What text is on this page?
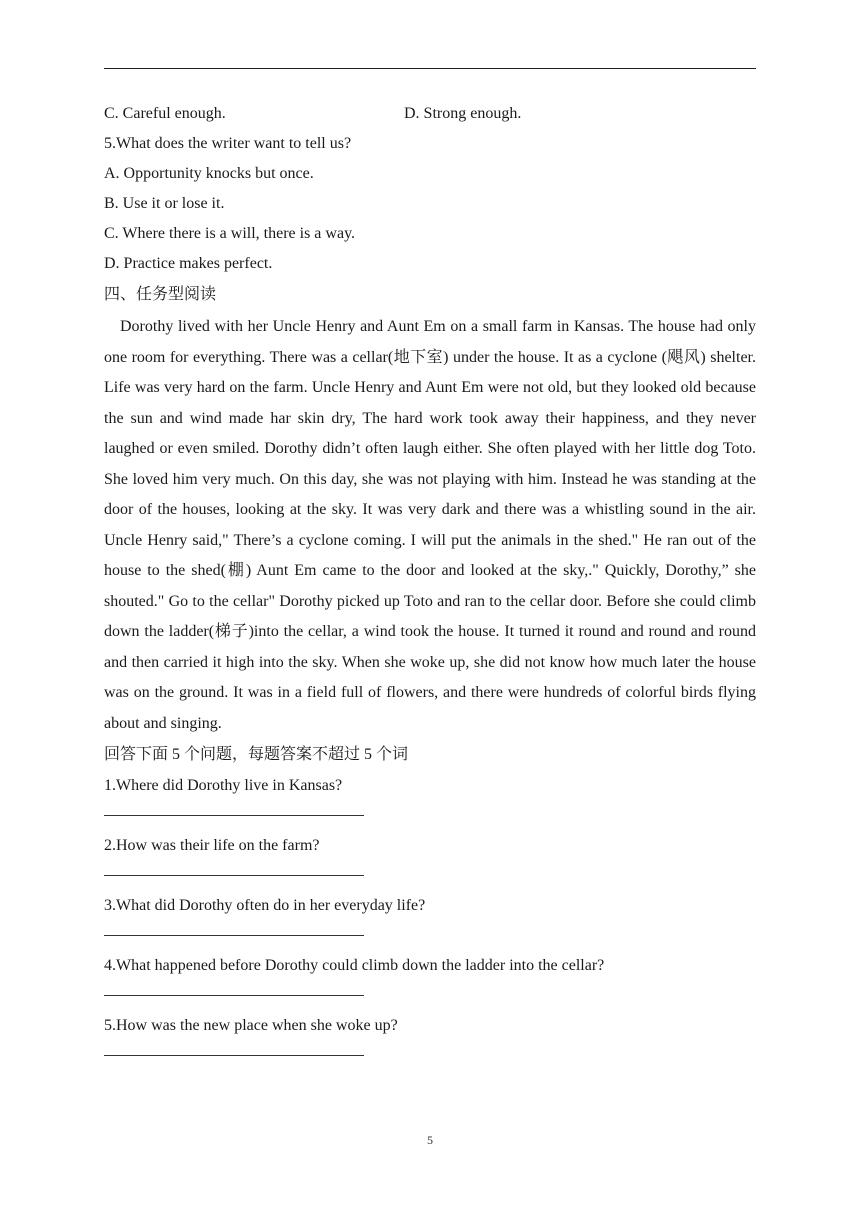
C. Careful enough.	D. Strong enough.
5.What does the writer want to tell us?
A. Opportunity knocks but once.
B. Use it or lose it.
C. Where there is a will, there is a way.
D. Practice makes perfect.
四、任务型阅读

Dorothy lived with her Uncle Henry and Aunt Em on a small farm in Kansas. The house had only one room for everything. There was a cellar(地下室) under the house. It as a cyclone (飓风) shelter. Life was very hard on the farm. Uncle Henry and Aunt Em were not old, but they looked old because the sun and wind made har skin dry, The hard work took away their happiness, and they never laughed or even smiled. Dorothy didn’t often laugh either. She often played with her little dog Toto. She loved him very much. On this day, she was not playing with him. Instead he was standing at the door of the houses, looking at the sky. It was very dark and there was a whistling sound in the air. Uncle Henry said," There’s a cyclone coming. I will put the animals in the shed." He ran out of the house to the shed(棚) Aunt Em came to the door and looked at the sky,." Quickly, Dorothy,” she shouted." Go to the cellar" Dorothy picked up Toto and ran to the cellar door. Before she could climb down the ladder(梯子)into the cellar, a wind took the house. It turned it round and round and round and then carried it high into the sky. When she woke up, she did not know how much later the house was on the ground. It was in a field full of flowers, and there were hundreds of colorful birds flying about and singing.

回答下面 5 个问题，每题答案不超过 5 个词
1.Where did Dorothy live in Kansas?
2.How was their life on the farm?
3.What did Dorothy often do in her everyday life?
4.What happened before Dorothy could climb down the ladder into the cellar?
5.How was the new place when she woke up?
5
